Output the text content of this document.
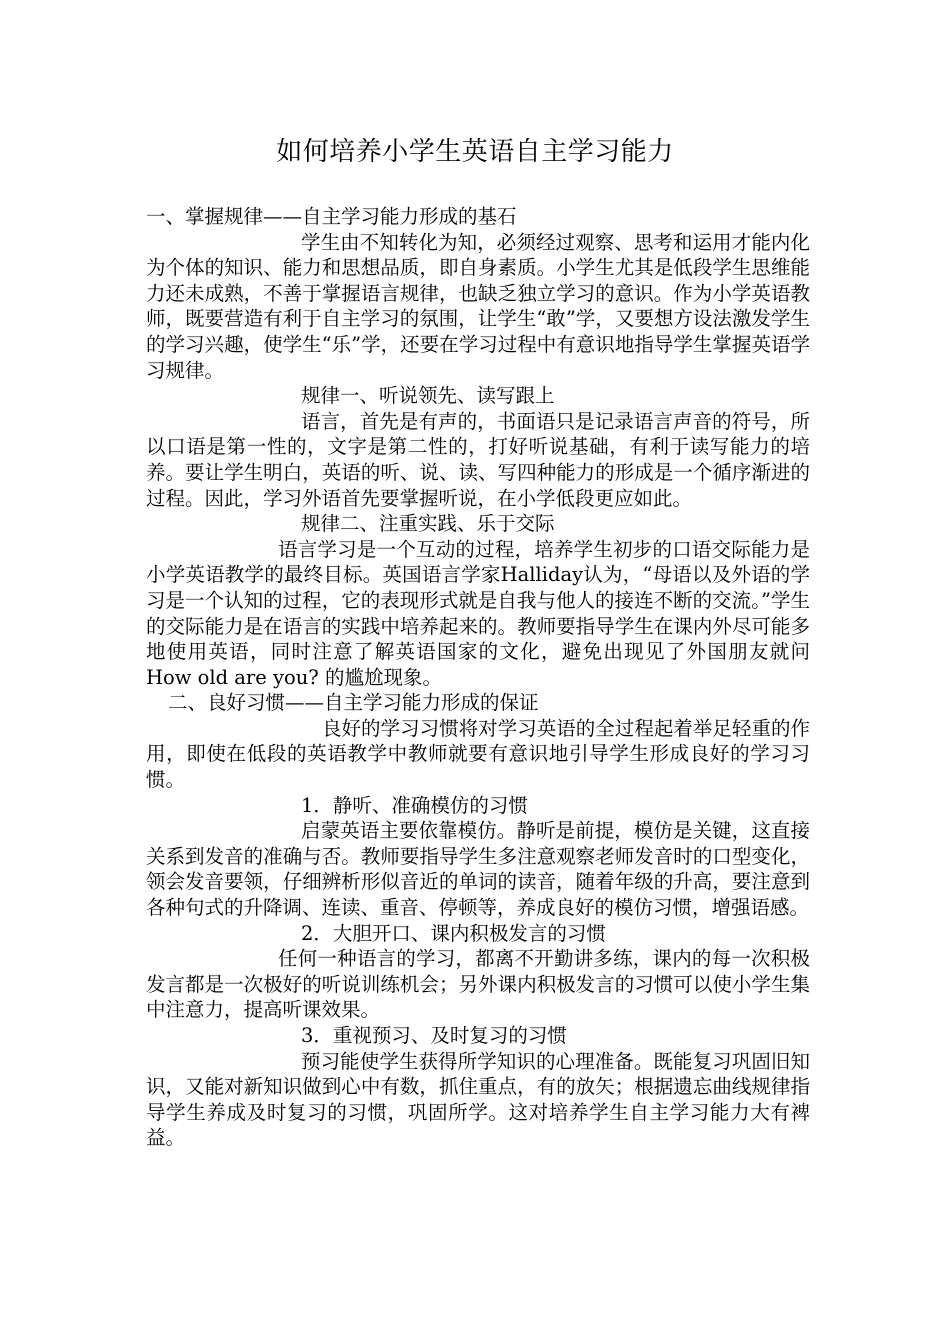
如何培养小学生英语自主学习能力

一、掌握规律——自主学习能力形成的基石

学生由不知转化为知，必须经过观察、思考和运用才能内化为个体的知识、能力和思想品质，即自身素质。小学生尤其是低段学生思维能力还未成熟，不善于掌握语言规律，也缺乏独立学习的意识。作为小学英语教师，既要营造有利于自主学习的氛围，让学生“敢”学，又要想方设法激发学生的学习兴趣，使学生“乐”学，还要在学习过程中有意识地指导学生掌握英语学习规律。

规律一、听说领先、读写跟上

语言，首先是有声的，书面语只是记录语言声音的符号，所以口语是第一性的，文字是第二性的，打好听说基础，有利于读写能力的培养。要让学生明白，英语的听、说、读、写四种能力的形成是一个循序渐进的过程。因此，学习外语首先要掌握听说，在小学低段更应如此。

规律二、注重实践、乐于交际

语言学习是一个互动的过程，培养学生初步的口语交际能力是小学英语教学的最终目标。英国语言学家Halliday认为，“母语以及外语的学习是一个认知的过程，它的表现形式就是自我与他人的接连不断的交流。”学生的交际能力是在语言的实践中培养起来的。教师要指导学生在课内外尽可能多地使用英语，同时注意了解英语国家的文化，避免出现见了外国朋友就问How old are you? 的尴尬现象。

二、良好习惯——自主学习能力形成的保证

良好的学习习惯将对学习英语的全过程起着举足轻重的作用，即使在低段的英语教学中教师就要有意识地引导学生形成良好的学习习惯。

1．静听、准确模仿的习惯

启蒙英语主要依靠模仿。静听是前提，模仿是关键，这直接关系到发音的准确与否。教师要指导学生多注意观察老师发音时的口型变化，领会发音要领，仔细辨析形似音近的单词的读音，随着年级的升高，要注意到各种句式的升降调、连读、重音、停顿等，养成良好的模仿习惯，增强语感。

2．大胆开口、课内积极发言的习惯

任何一种语言的学习，都离不开勤讲多练，课内的每一次积极发言都是一次极好的听说训练机会；另外课内积极发言的习惯可以使小学生集中注意力，提高听课效果。

3．重视预习、及时复习的习惯

预习能使学生获得所学知识的心理准备。既能复习巩固旧知识，又能对新知识做到心中有数，抓住重点，有的放矢；根据遗忘曲线规律指导学生养成及时复习的习惯，巩固所学。这对培养学生自主学习能力大有裨益。
